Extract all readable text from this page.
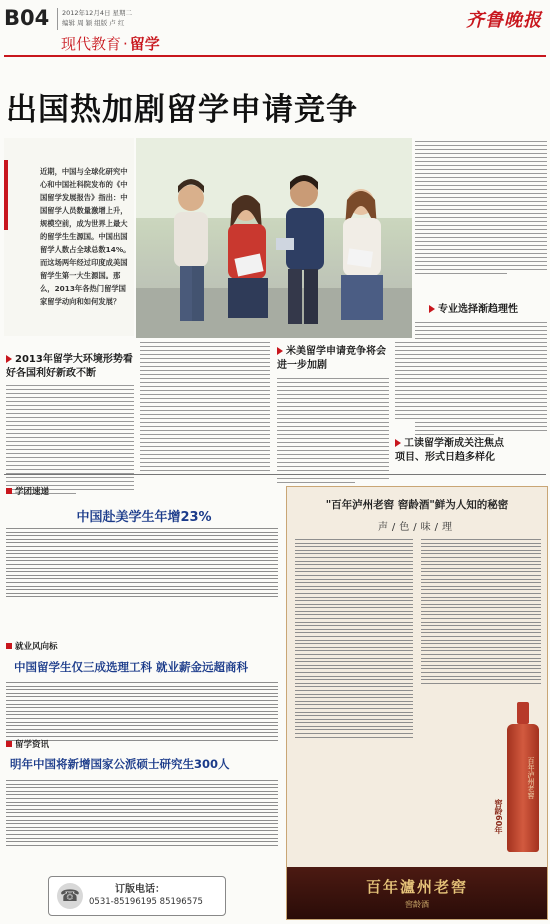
B04 2012年12月4日 星期二
编辑 周 颖 组版 卢 红
现代教育 · 留学
齐鲁晚报
出国热加剧留学申请竞争
近期，中国与全球化研究中心和中国社科院发布的《中国留学发展报告》指出：中国留学人员数量激增上升，规模空前，成为世界上最大的留学生生源国。中国出国留学人数占全球总数14%。而这场两年经过印度成美国留学生第一大生源国。那么，2013年各热门留学国家留学动向和如何发展？
专业选择渐趋理性
2013年留学大环境形势看好各国利好新政不断
米美留学申请竞争将会进一步加剧
工读留学渐成关注焦点项目、形式日趋多样化
学团速递
中国赴美学生年增23%
就业风向标
中国留学生仅三成选理工科 就业薪金远超商科
留学资讯
明年中国将新增国家公派硕士研究生300人
☎	订版电话：
0531-85196195 85196575
"百年泸州老窖 窖龄酒"鲜为人知的秘密
声/色/味/理
百年泸州老窖
窖龄60年
百年瀘州老窖
窖龄酒
